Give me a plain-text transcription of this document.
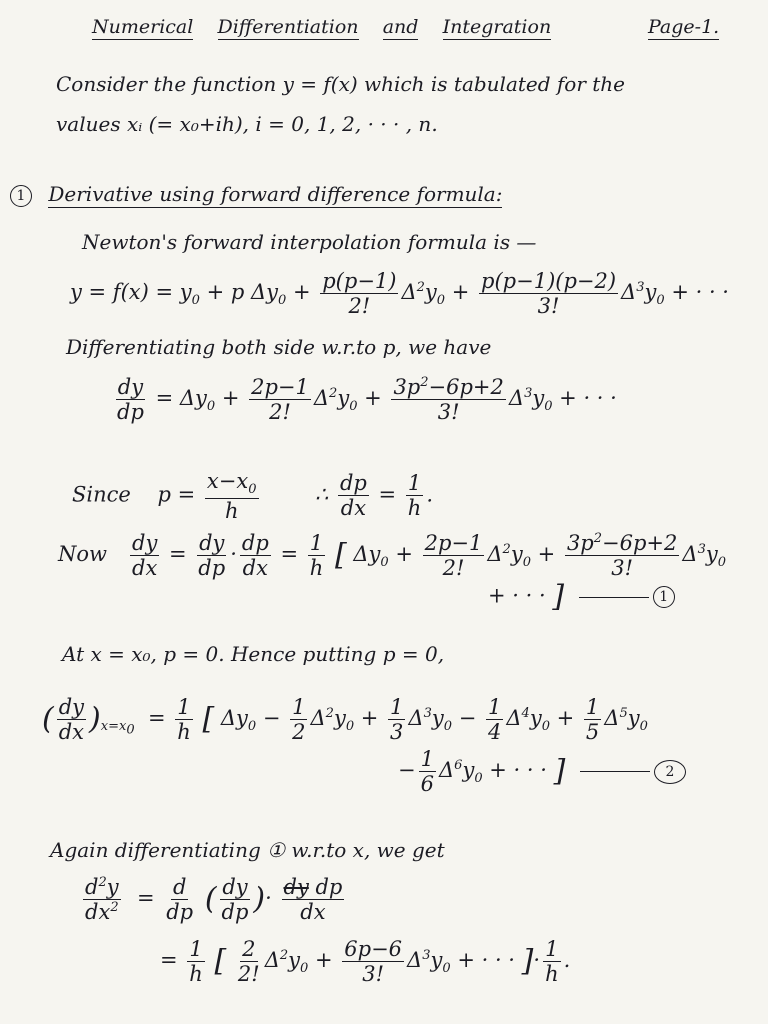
Numerical Differentiation and Integration	Page-1.
Consider the function y = f(x) which is tabulated for the
values xᵢ (= x₀+ih), i = 0, 1, 2, · · · , n.
1 Derivative using forward difference formula:
Newton's forward interpolation formula is —
$y = f(x) = y_0 + p$ $\Delta y_0 + \frac{p(p-1)}{2!} \Delta^2y_0 + \frac{p(p-1)(p-2)}{3!} \Delta^3y_0$ + · · ·
Differentiating both side w.r.to p, we have
$\frac{dy}{dp} = \Delta y_0 + \frac{2p-1}{2!} \Delta^2y_0 + \frac{3p^2-6p+2}{3!} \Delta^3y_0$ + · · ·
Since    $p = \frac{x-x_0}{h}$ ∴ $\frac{dp}{dx} = \frac{1}{h}$ .
Now $\frac{dy}{dx} = \frac{dy}{dp} \cdot \frac{dp}{dx} = \frac{1}{h}$ [ $\Delta y_0 + \frac{2p-1}{2!} \Delta^2y_0 + \frac{3p^2-6p+2}{3!} \Delta^3y_0$
+ · · · ]	1
At x = x₀, p = 0. Hence putting p = 0,
( $\frac{dy}{dx} )_{x=x_0} = \frac{1}{h}$ [ $\Delta y_0 - \frac{1}{2} \Delta^2y_0 + \frac{1}{3} \Delta^3y_0 - \frac{1}{4} \Delta^4y_0 + \frac{1}{5} \Delta^5y_0$
− $\frac{1}{6} \Delta^6y_0$ + · · · ]	2
Again differentiating ① w.r.to x, we get
$\frac{d^2y}{dx^2} = \frac{d}{dp}$ ( $\frac{dy}{dp}$ )· $\frac{\text{dy dp}}{dx}$
= $\frac{1}{h}$ [ $\frac{2}{2!} \Delta^2y_0 + \frac{6p-6}{3!} \Delta^3y_0$ + · · · ]· $\frac{1}{h}$ .
